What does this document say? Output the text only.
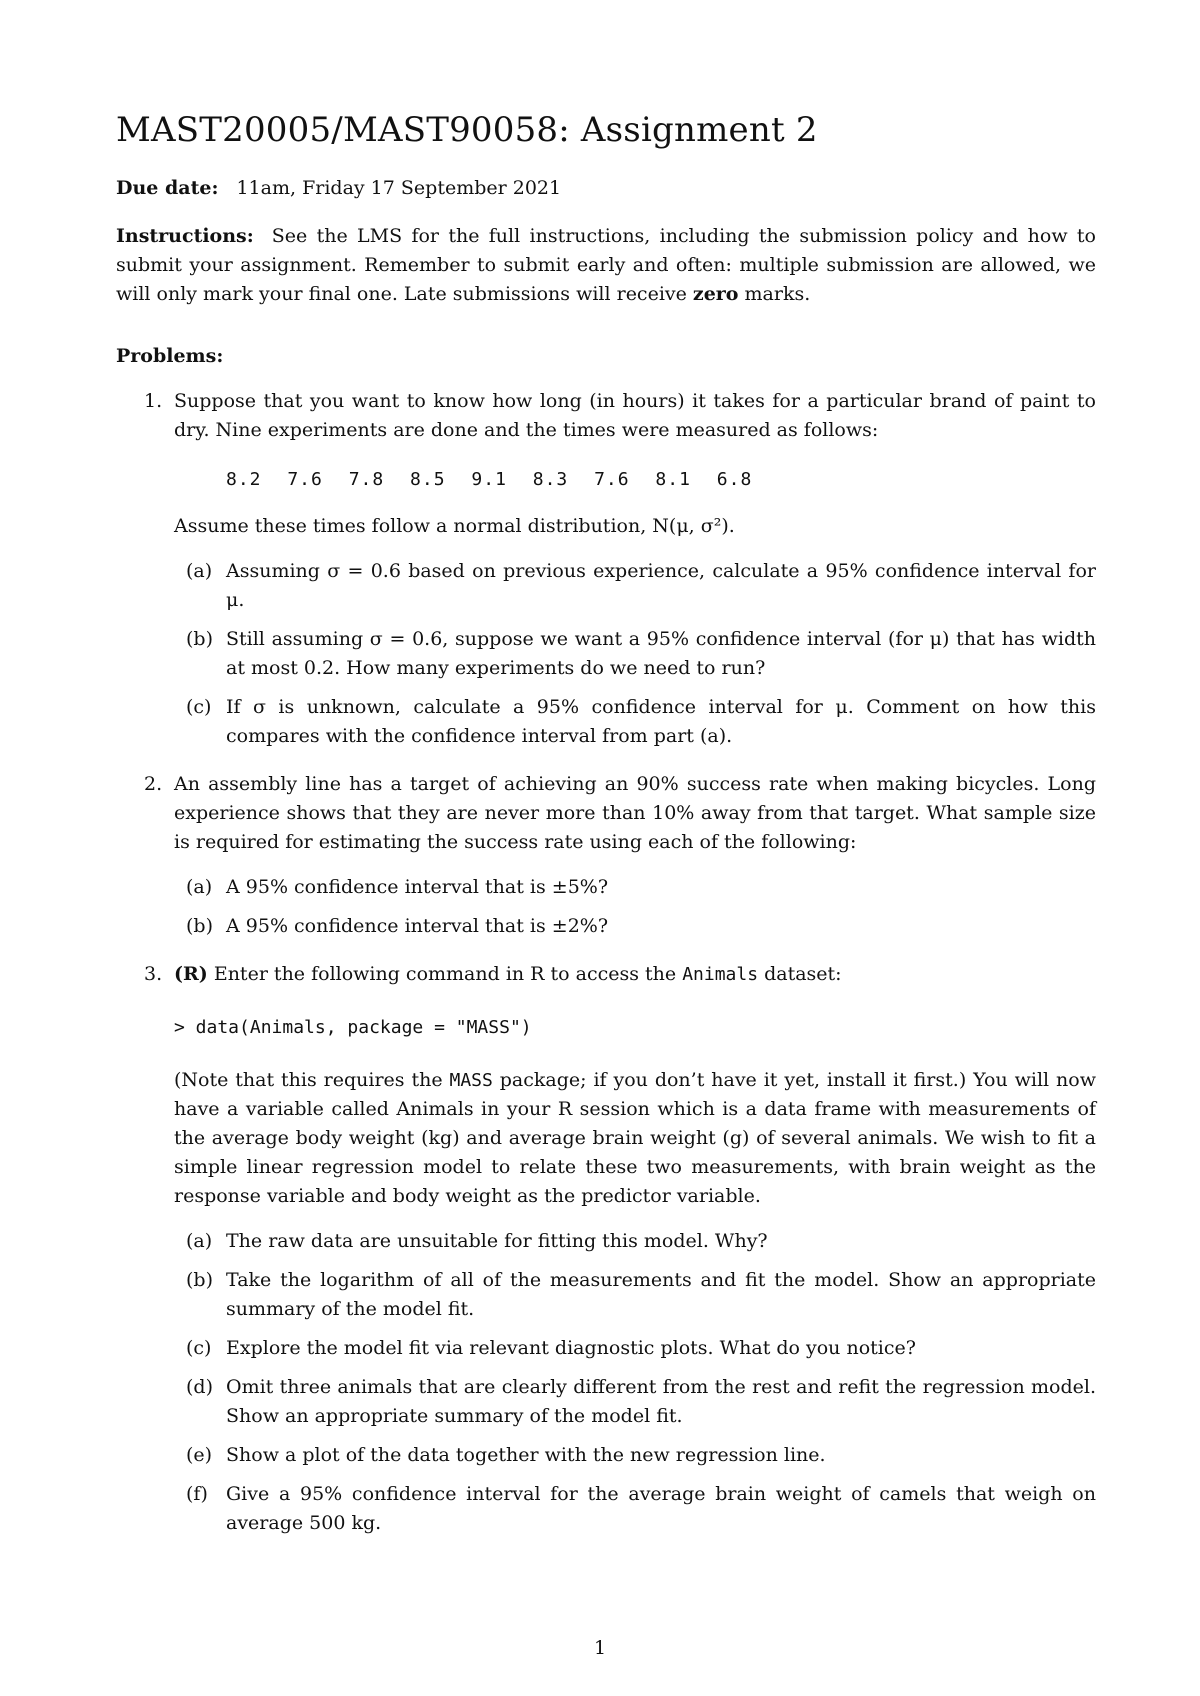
MAST20005/MAST90058: Assignment 2
Due date: 11am, Friday 17 September 2021
Instructions: See the LMS for the full instructions, including the submission policy and how to submit your assignment. Remember to submit early and often: multiple submission are allowed, we will only mark your final one. Late submissions will receive zero marks.
Problems:
1. Suppose that you want to know how long (in hours) it takes for a particular brand of paint to dry. Nine experiments are done and the times were measured as follows:
8.2 7.6 7.8 8.5 9.1 8.3 7.6 8.1 6.8
Assume these times follow a normal distribution, N(μ, σ²).
(a) Assuming σ = 0.6 based on previous experience, calculate a 95% confidence interval for μ.
(b) Still assuming σ = 0.6, suppose we want a 95% confidence interval (for μ) that has width at most 0.2. How many experiments do we need to run?
(c) If σ is unknown, calculate a 95% confidence interval for μ. Comment on how this compares with the confidence interval from part (a).
2. An assembly line has a target of achieving an 90% success rate when making bicycles. Long experience shows that they are never more than 10% away from that target. What sample size is required for estimating the success rate using each of the following:
(a) A 95% confidence interval that is ±5%?
(b) A 95% confidence interval that is ±2%?
3. (R) Enter the following command in R to access the Animals dataset:
> data(Animals, package = "MASS")
(Note that this requires the MASS package; if you don’t have it yet, install it first.) You will now have a variable called Animals in your R session which is a data frame with measurements of the average body weight (kg) and average brain weight (g) of several animals. We wish to fit a simple linear regression model to relate these two measurements, with brain weight as the response variable and body weight as the predictor variable.
(a) The raw data are unsuitable for fitting this model. Why?
(b) Take the logarithm of all of the measurements and fit the model. Show an appropriate summary of the model fit.
(c) Explore the model fit via relevant diagnostic plots. What do you notice?
(d) Omit three animals that are clearly different from the rest and refit the regression model. Show an appropriate summary of the model fit.
(e) Show a plot of the data together with the new regression line.
(f) Give a 95% confidence interval for the average brain weight of camels that weigh on average 500 kg.
1
